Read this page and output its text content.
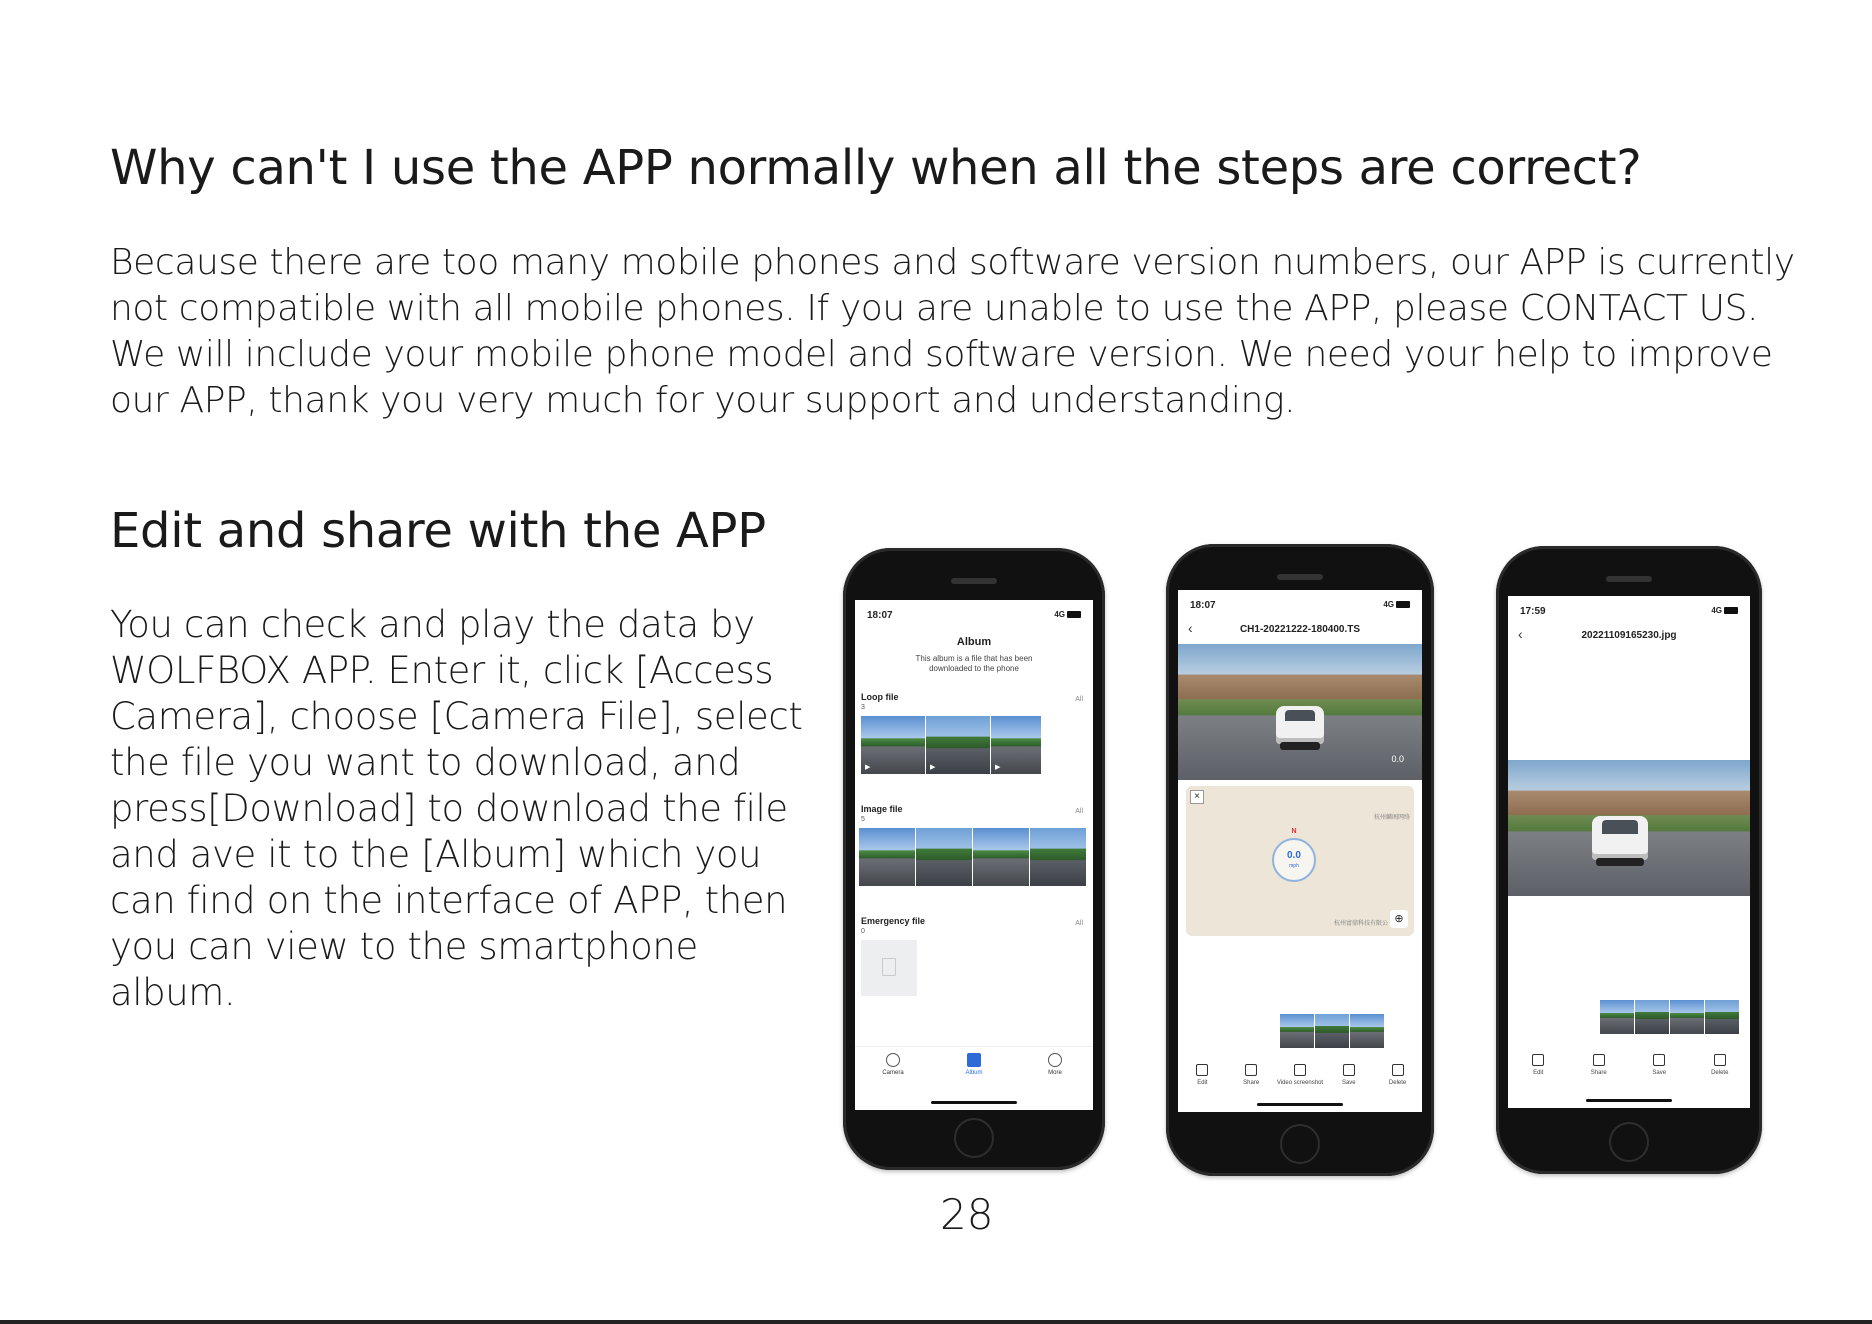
Why can't I use the APP normally when all the steps are correct?
Because there are too many mobile phones and software version numbers, our APP is currently not compatible with all mobile phones. If you are unable to use the APP, please CONTACT US. We will include your mobile phone model and software version. We need your help to improve our APP, thank you very much for your support and understanding.
Edit and share with the APP
You can check and play the data by WOLFBOX APP. Enter it, click [Access Camera], choose [Camera File], select the file you want to download, and press[Download] to download the file and ave it to the [Album] which you can find on the interface of APP, then you can view to the smartphone album.
18:07	4G
Album
This album is a file that has been downloaded to the phone
Loop file
3
All
▶	▶	▶
Image file
5
All
Emergency file
0
All
Camera	Album	More
18:07	4G
‹	CH1-20221222-180400.TS
0.0
×
N
0.0
mph
杭州麟阁网络
杭州富鼎科技有限公 ⊕
Edit	Share	Video screenshot	Save	Delete
17:59	4G
‹	20221109165230.jpg
Edit	Share	Save	Delete
28
